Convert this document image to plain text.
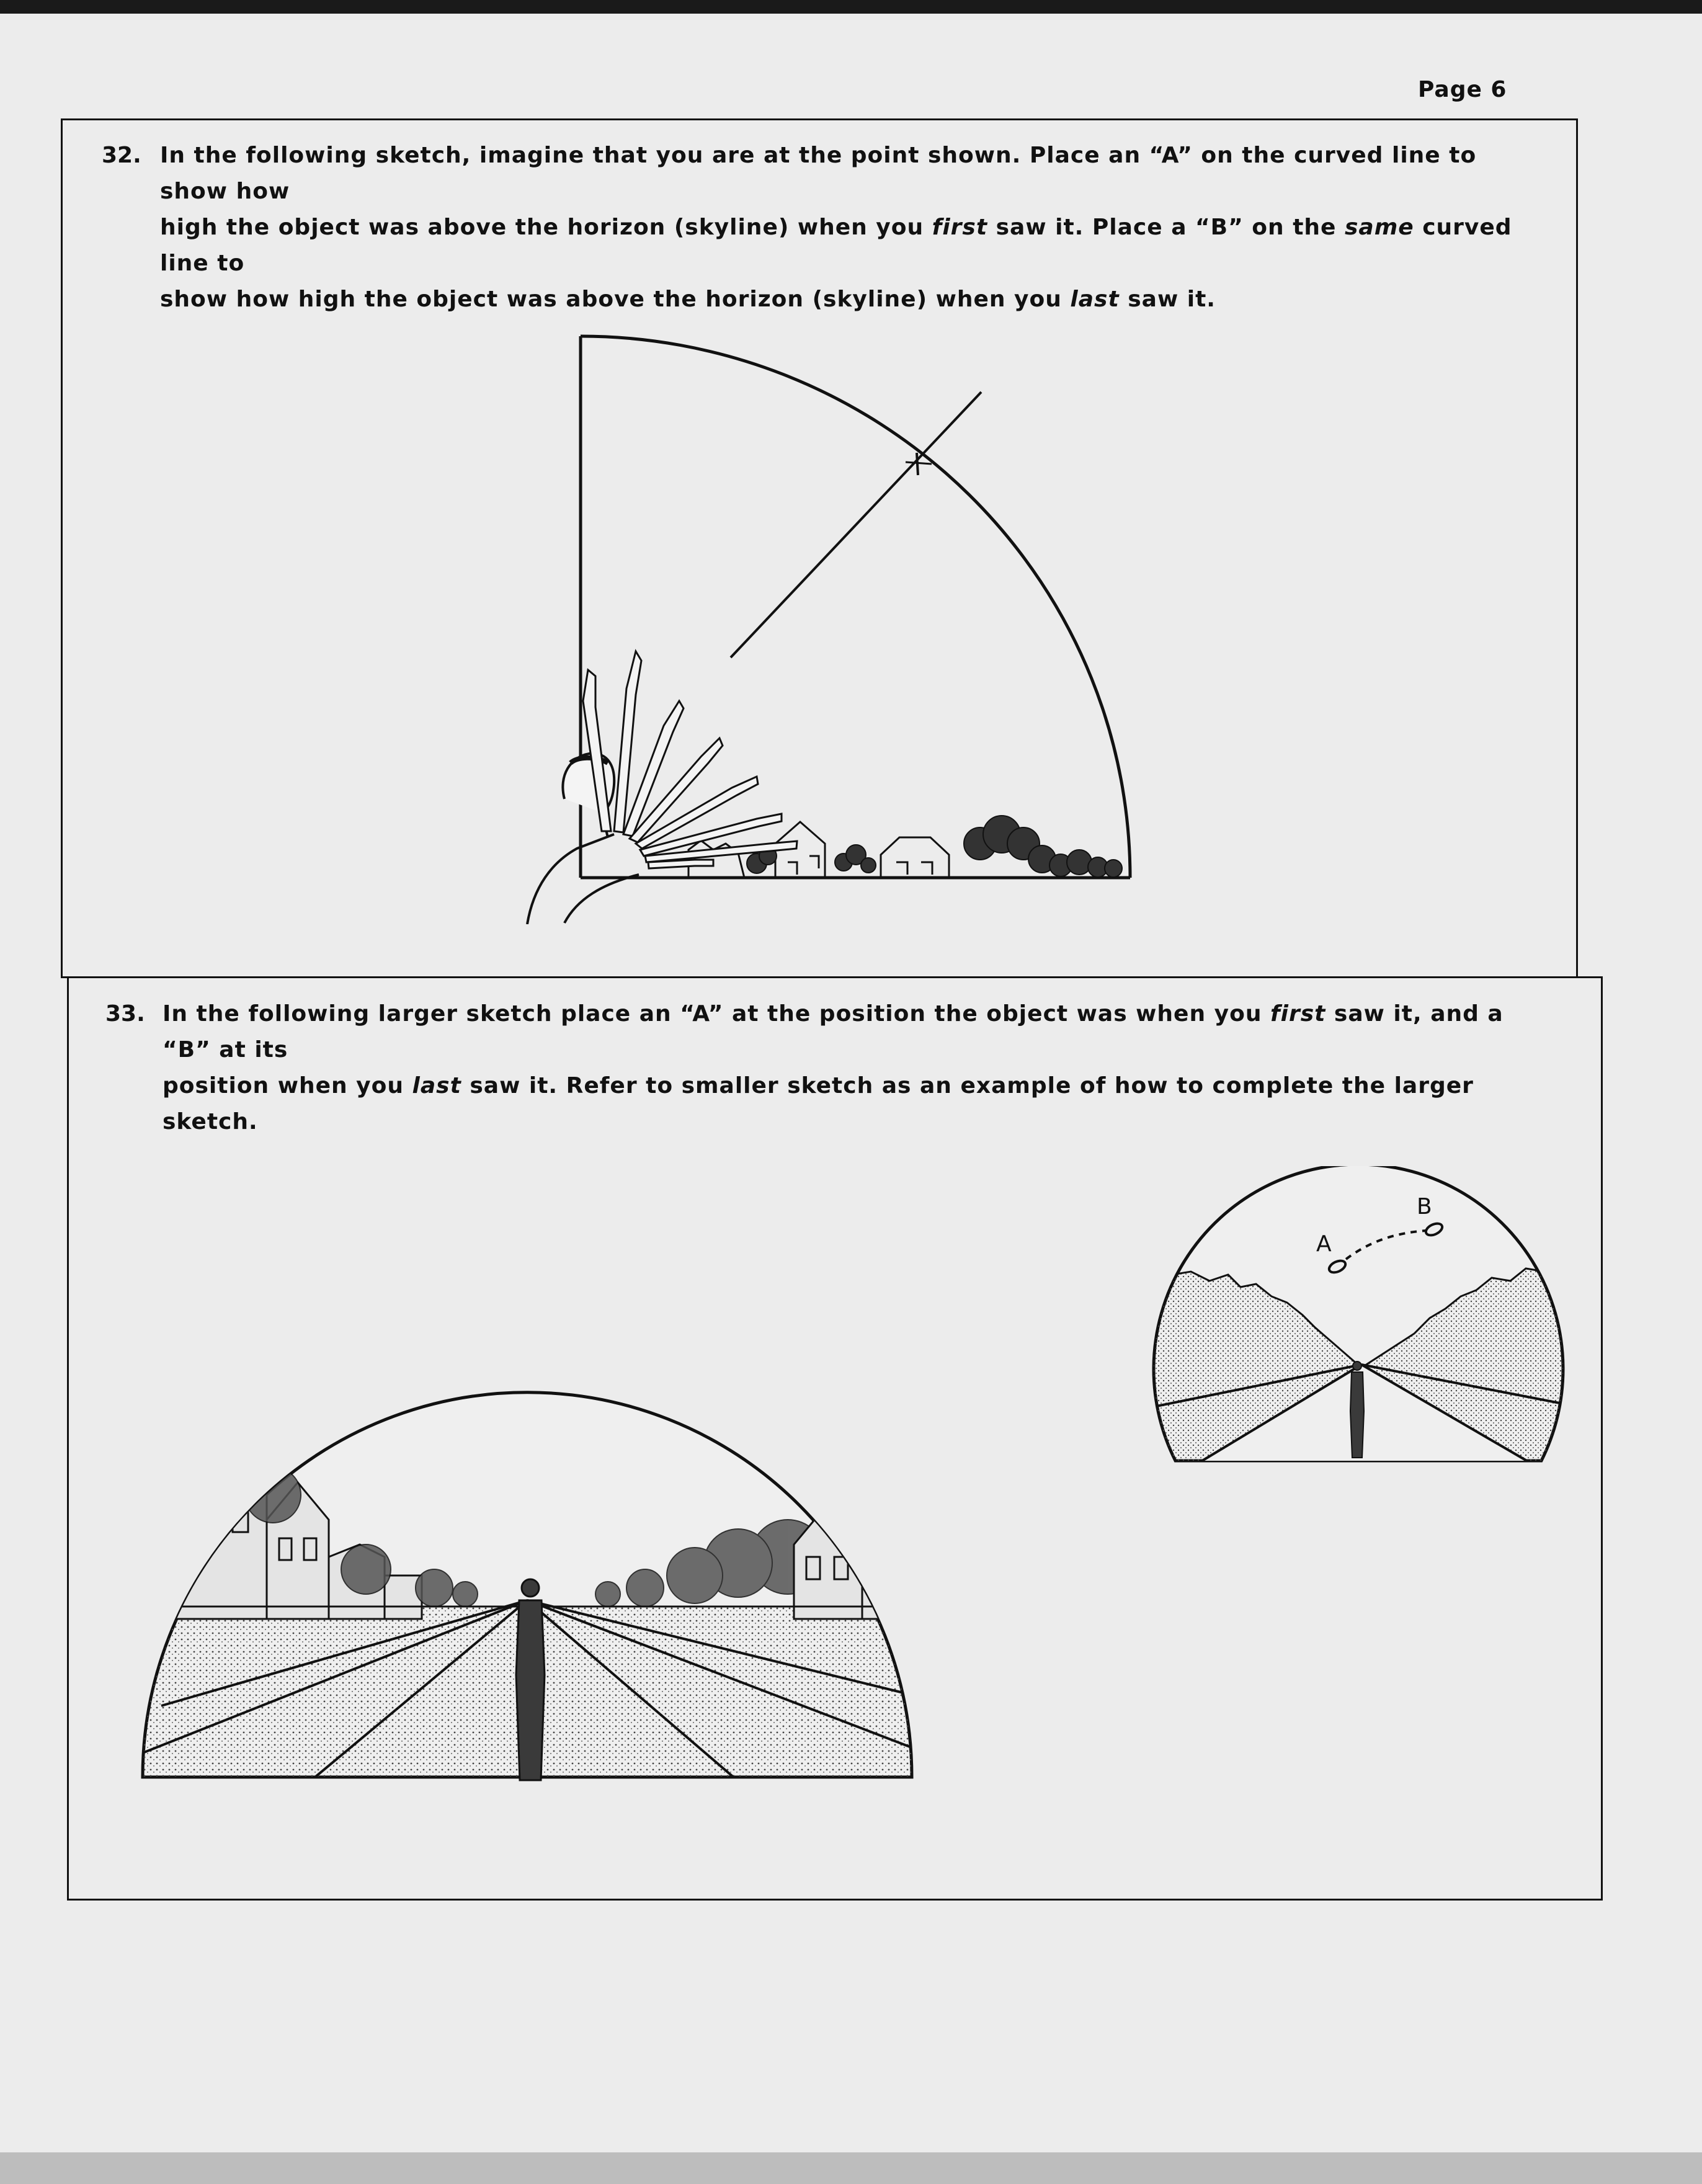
Page 6
32. In the following sketch, imagine that you are at the point shown. Place an “A” on the curved line to show how
high the object was above the horizon (skyline) when you first saw it. Place a “B” on the same curved line to
show how high the object was above the horizon (skyline) when you last saw it.
33. In the following larger sketch place an “A” at the position the object was when you first saw it, and a “B” at its
position when you last saw it. Refer to smaller sketch as an example of how to complete the larger sketch.
A
B
